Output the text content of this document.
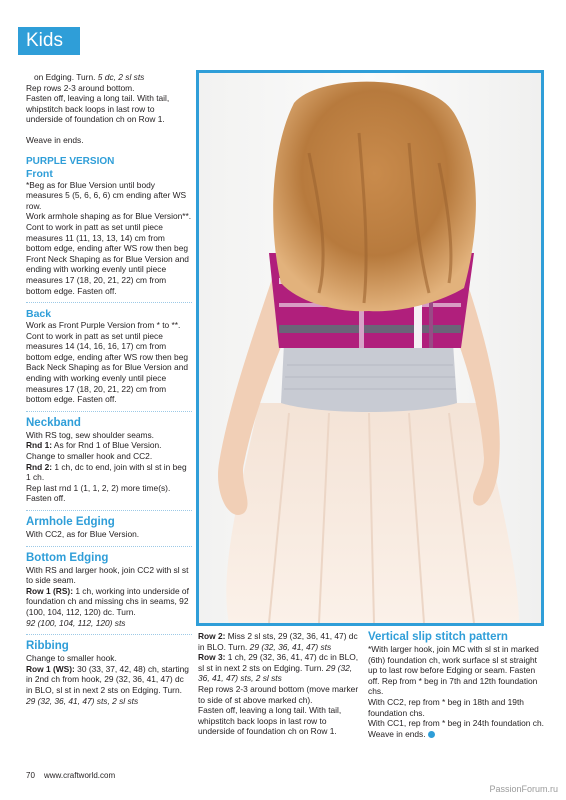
Kids
on Edging. Turn. 5 dc, 2 sl sts
Rep rows 2-3 around bottom.
Fasten off, leaving a long tail. With tail, whipstitch back loops in last row to underside of foundation ch on Row 1.
Weave in ends.
PURPLE VERSION
Front
*Beg as for Blue Version until body measures 5 (5, 6, 6, 6) cm ending after WS row.
Work armhole shaping as for Blue Version**.
Cont to work in patt as set until piece measures 11 (11, 13, 13, 14) cm from bottom edge, ending after WS row then beg Front Neck Shaping as for Blue Version and ending with working evenly until piece measures 17 (18, 20, 21, 22) cm from bottom edge. Fasten off.
Back
Work as Front Purple Version from * to **. Cont to work in patt as set until piece measures 14 (14, 16, 16, 17) cm from bottom edge, ending after WS row then beg Back Neck Shaping as for Blue Version and ending with working evenly until piece measures 17 (18, 20, 21, 22) cm from bottom edge. Fasten off.
Neckband
With RS tog, sew shoulder seams.
Rnd 1: As for Rnd 1 of Blue Version.
Change to smaller hook and CC2.
Rnd 2: 1 ch, dc to end, join with sl st in beg 1 ch.
Rep last rnd 1 (1, 1, 2, 2) more time(s).
Fasten off.
Armhole Edging
With CC2, as for Blue Version.
Bottom Edging
With RS and larger hook, join CC2 with sl st to side seam.
Row 1 (RS): 1 ch, working into underside of foundation ch and missing chs in seams, 92 (100, 104, 112, 120) dc. Turn.
92 (100, 104, 112, 120) sts
Ribbing
Change to smaller hook.
Row 1 (WS): 30 (33, 37, 42, 48) ch, starting in 2nd ch from hook, 29 (32, 36, 41, 47) dc in BLO, sl st in next 2 sts on Edging. Turn.
29 (32, 36, 41, 47) sts, 2 sl sts
Row 2: Miss 2 sl sts, 29 (32, 36, 41, 47) dc in BLO. Turn. 29 (32, 36, 41, 47) sts
Row 3: 1 ch, 29 (32, 36, 41, 47) dc in BLO, sl st in next 2 sts on Edging. Turn. 29 (32, 36, 41, 47) sts, 2 sl sts
Rep rows 2-3 around bottom (move marker to side of st above marked ch).
Fasten off, leaving a long tail. With tail, whipstitch back loops in last row to underside of foundation ch on Row 1.
Vertical slip stitch pattern
*With larger hook, join MC with sl st in marked (6th) foundation ch, work surface sl st straight up to last row before Edging or seam. Fasten off. Rep from * beg in 7th and 12th foundation chs.
With CC2, rep from * beg in 18th and 19th foundation chs.
With CC1, rep from * beg in 24th foundation ch. Weave in ends.
70 www.craftworld.com
PassionForum.ru
